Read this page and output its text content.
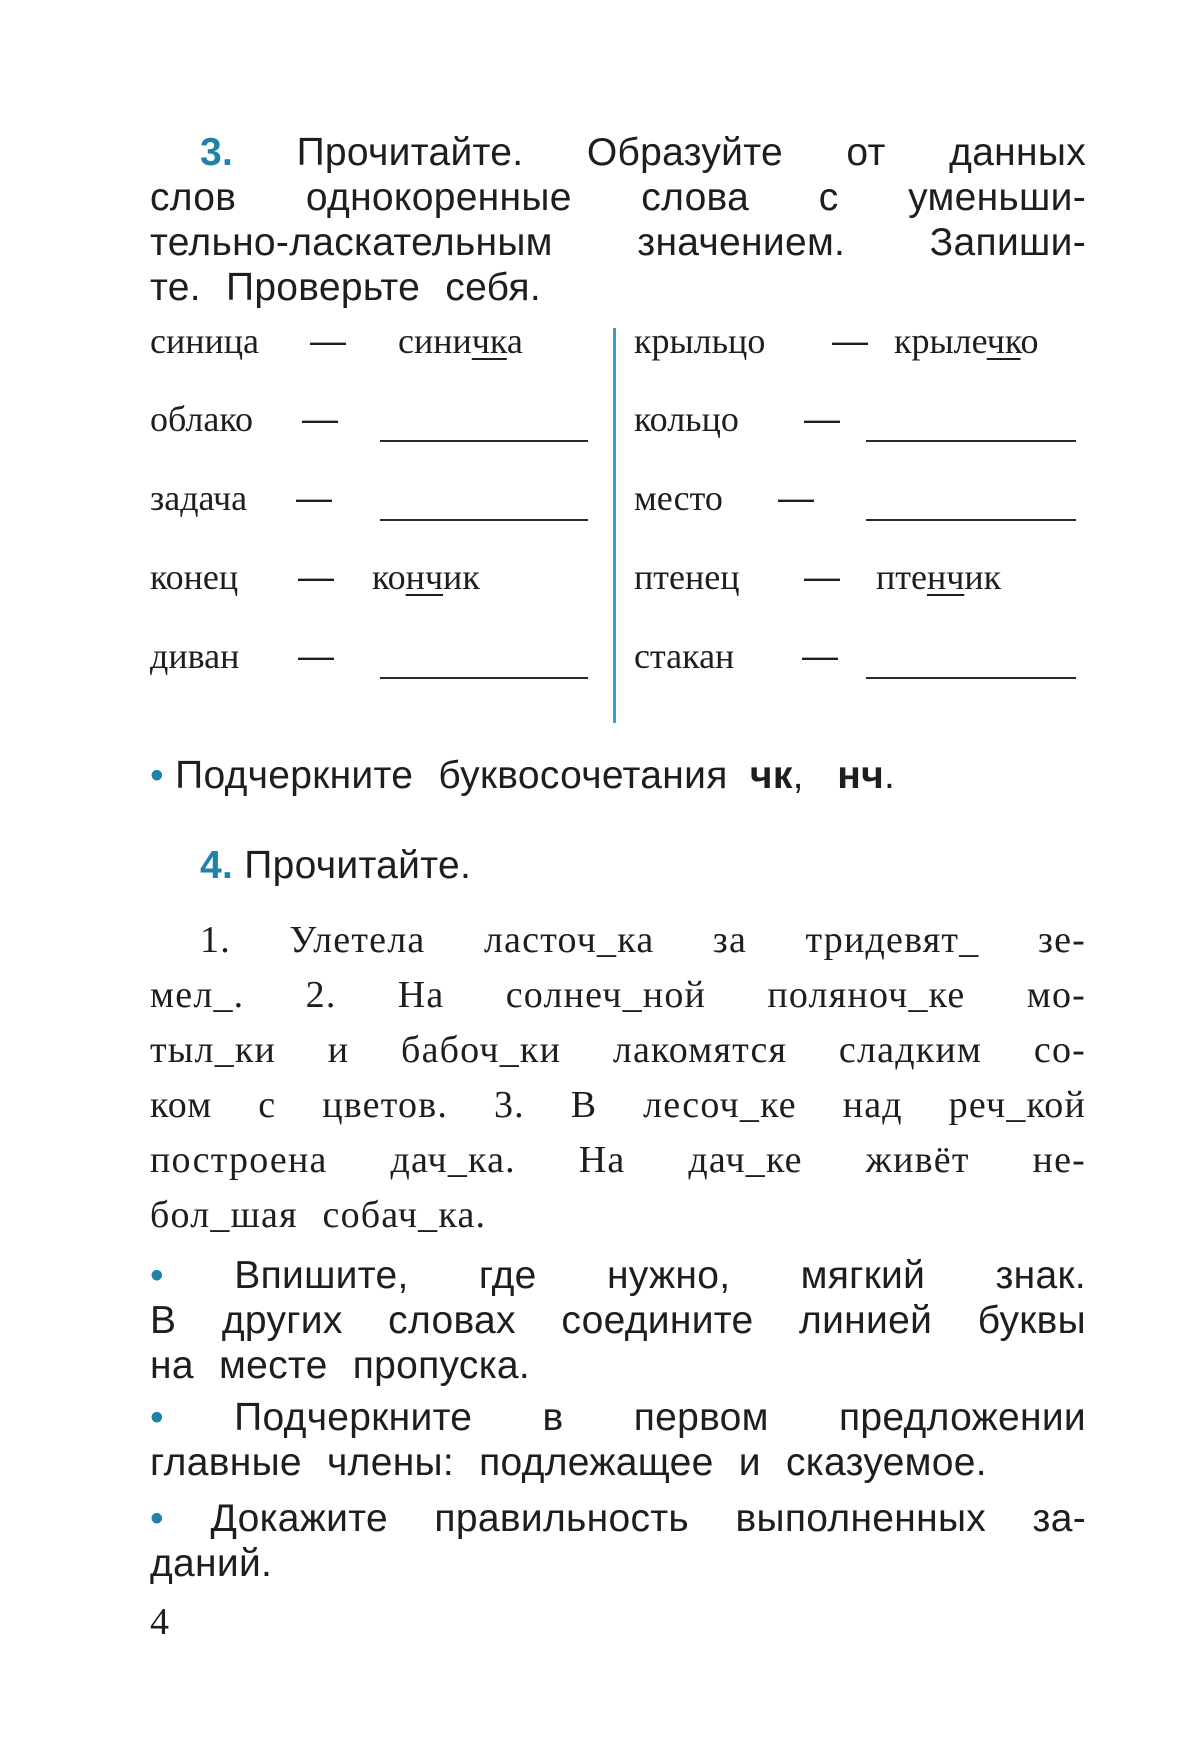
3. Прочитайте. Образуйте от данных
слов однокоренные слова с уменьши-
тельно-ласкательным значением. Запиши-
те. Проверьте себя.
синица — синичка
облако —
задача —
конец — кончик
диван —
крыльцо — крылечко
кольцо —
место —
птенец — птенчик
стакан —
• Подчеркните буквосочетания чк, нч.
4. Прочитайте.
1. Улетела ласточ_ка за тридевят_ зе-
мел_. 2. На солнеч_ной поляноч_ке мо-
тыл_ки и бабоч_ки лакомятся сладким со-
ком с цветов. 3. В лесоч_ке над реч_кой
построена дач_ка. На дач_ке живёт не-
бол_шая собач_ка.
• Впишите, где нужно, мягкий знак.
В других словах соедините линией буквы
на месте пропуска.
• Подчеркните в первом предложении
главные члены: подлежащее и сказуемое.
• Докажите правильность выполненных за-
даний.
4
